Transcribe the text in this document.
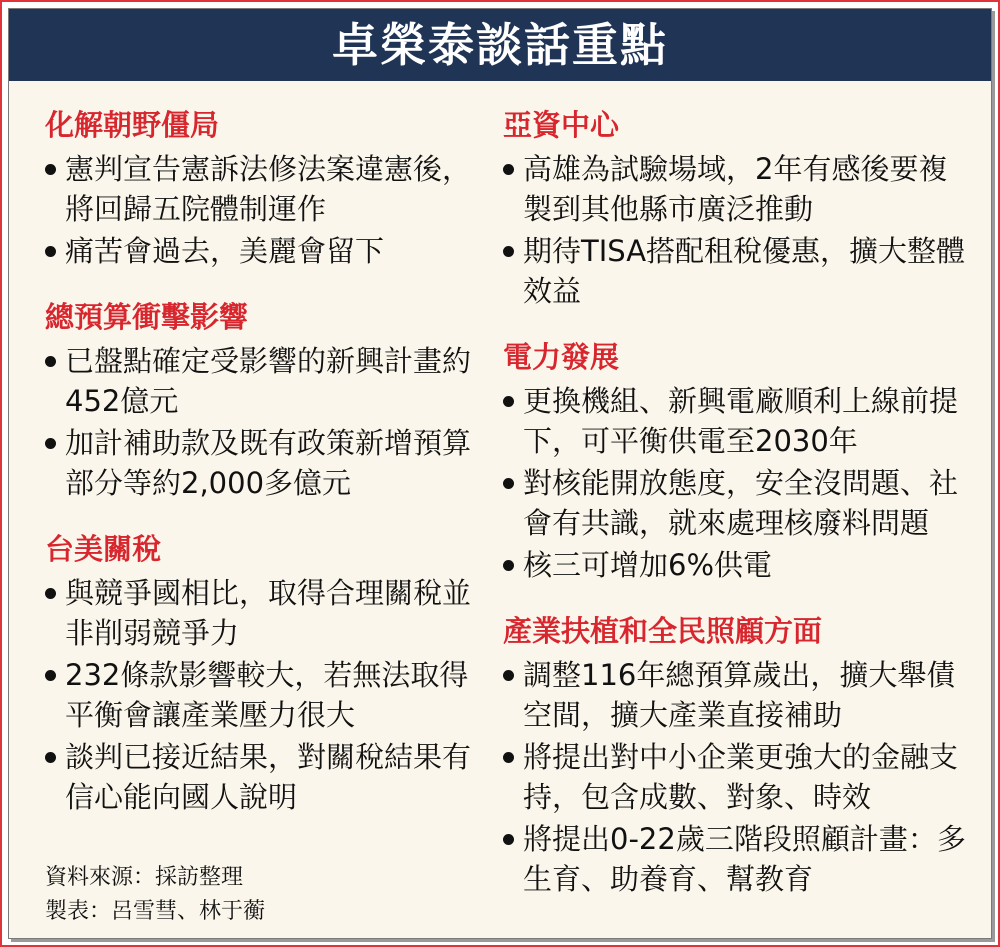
卓榮泰談話重點
化解朝野僵局
憲判宣告憲訴法修法案違憲後，將回歸五院體制運作
痛苦會過去，美麗會留下
總預算衝擊影響
已盤點確定受影響的新興計畫約452億元
加計補助款及既有政策新增預算部分等約2,000多億元
台美關稅
與競爭國相比，取得合理關稅並非削弱競爭力
232條款影響較大，若無法取得平衡會讓產業壓力很大
談判已接近結果，對關稅結果有信心能向國人說明
亞資中心
高雄為試驗場域，2年有感後要複製到其他縣市廣泛推動
期待TISA搭配租稅優惠，擴大整體效益
電力發展
更換機組、新興電廠順利上線前提下，可平衡供電至2030年
對核能開放態度，安全沒問題、社會有共識，就來處理核廢料問題
核三可增加6%供電
產業扶植和全民照顧方面
調整116年總預算歲出，擴大舉債空間，擴大產業直接補助
將提出對中小企業更強大的金融支持，包含成數、對象、時效
將提出0-22歲三階段照顧計畫：多生育、助養育、幫教育
資料來源：採訪整理
製表：呂雪彗、林于蘅
